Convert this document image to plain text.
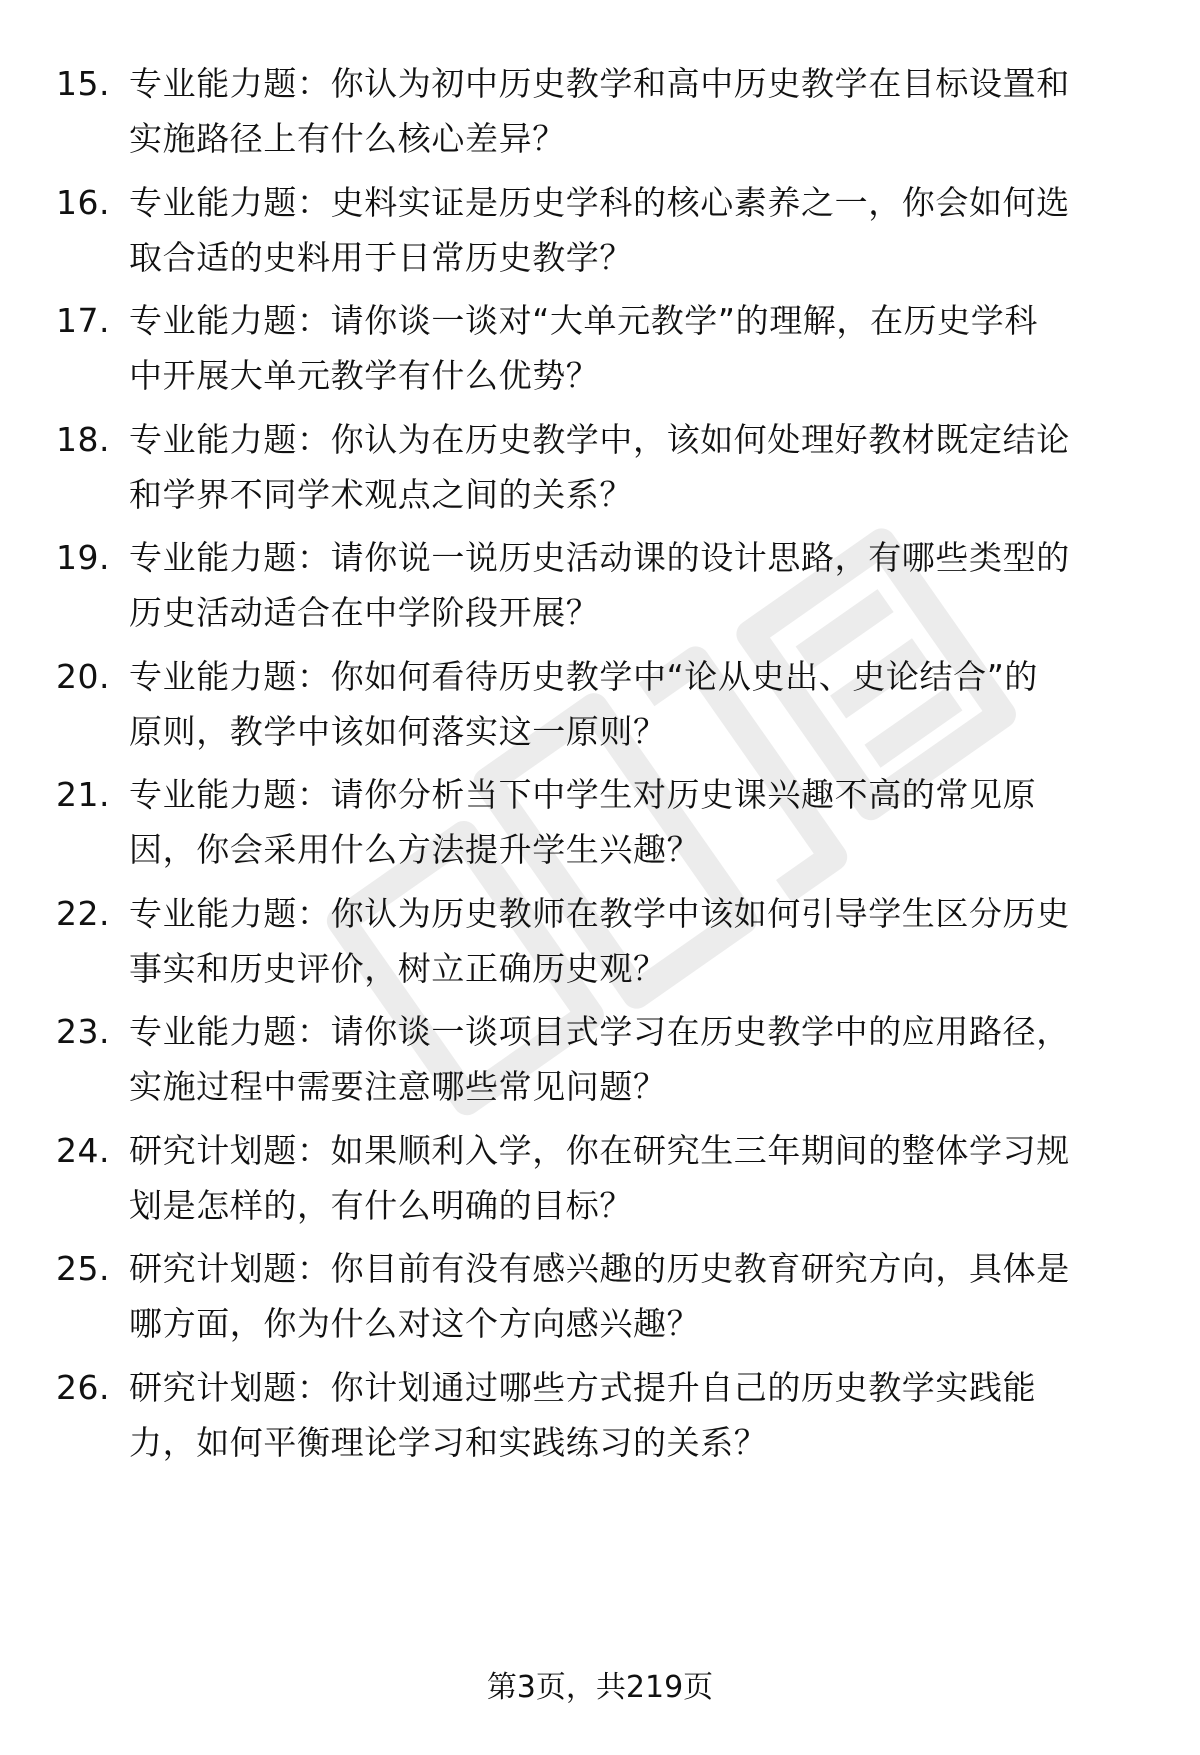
15. 专业能力题：你认为初中历史教学和高中历史教学在目标设置和
实施路径上有什么核心差异？
16. 专业能力题：史料实证是历史学科的核心素养之一，你会如何选
取合适的史料用于日常历史教学？
17. 专业能力题：请你谈一谈对“大单元教学”的理解，在历史学科
中开展大单元教学有什么优势？
18. 专业能力题：你认为在历史教学中，该如何处理好教材既定结论
和学界不同学术观点之间的关系？
19. 专业能力题：请你说一说历史活动课的设计思路，有哪些类型的
历史活动适合在中学阶段开展？
20. 专业能力题：你如何看待历史教学中“论从史出、史论结合”的
原则，教学中该如何落实这一原则？
21. 专业能力题：请你分析当下中学生对历史课兴趣不高的常见原
因，你会采用什么方法提升学生兴趣？
22. 专业能力题：你认为历史教师在教学中该如何引导学生区分历史
事实和历史评价，树立正确历史观？
23. 专业能力题：请你谈一谈项目式学习在历史教学中的应用路径，
实施过程中需要注意哪些常见问题？
24. 研究计划题：如果顺利入学，你在研究生三年期间的整体学习规
划是怎样的，有什么明确的目标？
25. 研究计划题：你目前有没有感兴趣的历史教育研究方向，具体是
哪方面，你为什么对这个方向感兴趣？
26. 研究计划题：你计划通过哪些方式提升自己的历史教学实践能
力，如何平衡理论学习和实践练习的关系？
第3页，共219页
